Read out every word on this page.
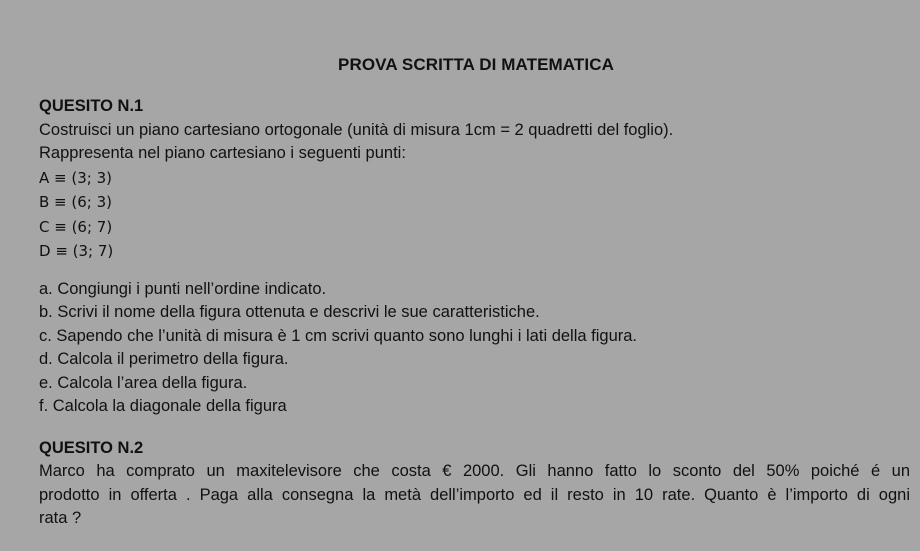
PROVA SCRITTA DI MATEMATICA
QUESITO N.1
Costruisci un piano cartesiano ortogonale (unità di misura 1cm = 2 quadretti del foglio).
Rappresenta nel piano cartesiano i seguenti punti:
A ≡ (3; 3)
B ≡ (6; 3)
C ≡ (6; 7)
D ≡ (3; 7)
a. Congiungi i punti nell’ordine indicato.
b. Scrivi il nome della figura ottenuta e descrivi le sue caratteristiche.
c. Sapendo che l’unità di misura è 1 cm scrivi quanto sono lunghi i lati della figura.
d. Calcola il perimetro della figura.
e. Calcola l’area della figura.
f. Calcola la diagonale della figura
QUESITO N.2
Marco ha comprato un maxitelevisore che costa € 2000. Gli hanno fatto lo sconto del 50% poiché é un
prodotto in offerta . Paga alla consegna la metà dell’importo ed il resto in 10 rate. Quanto è l’importo di ogni
rata ?
